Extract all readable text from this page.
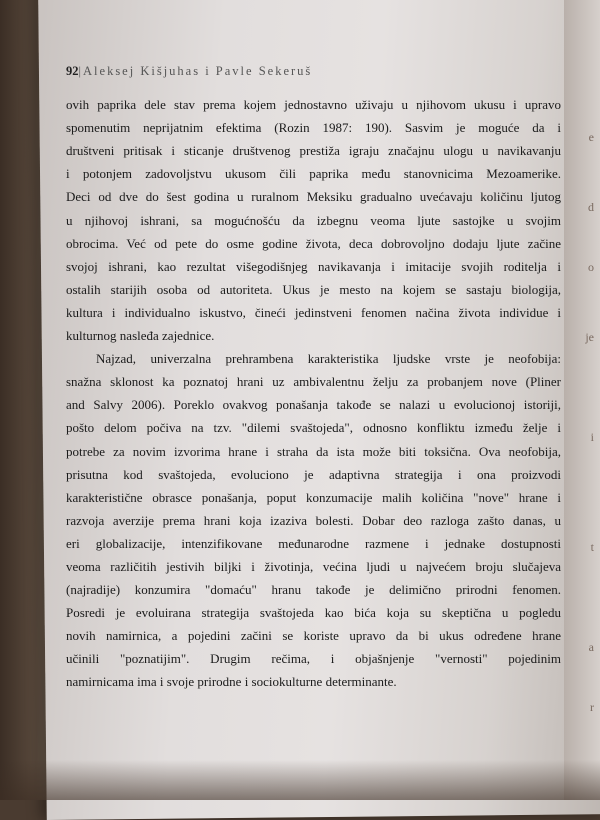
e
d
o
je
i
t
a
r
92|Aleksej Kišjuhas i Pavle Sekeruš
ovih paprika dele stav prema kojem jednostavno uživaju u njihovom ukusu i upravo
spomenutim neprijatnim efektima (Rozin 1987: 190). Sasvim je moguće da i
društveni pritisak i sticanje društvenog prestiža igraju značajnu ulogu u navikavanju
i potonjem zadovoljstvu ukusom čili paprika među stanovnicima Mezoamerike.
Deci od dve do šest godina u ruralnom Meksiku gradualno uvećavaju količinu ljutog
u njihovoj ishrani, sa mogućnošću da izbegnu veoma ljute sastojke u svojim
obrocima. Već od pete do osme godine života, deca dobrovoljno dodaju ljute začine
svojoj ishrani, kao rezultat višegodišnjeg navikavanja i imitacije svojih roditelja i
ostalih starijih osoba od autoriteta. Ukus je mesto na kojem se sastaju biologija,
kultura i individualno iskustvo, čineći jedinstveni fenomen načina života individue i
kulturnog nasleđa zajednice.
Najzad, univerzalna prehrambena karakteristika ljudske vrste je neofobija:
snažna sklonost ka poznatoj hrani uz ambivalentnu želju za probanjem nove (Pliner
and Salvy 2006). Poreklo ovakvog ponašanja takođe se nalazi u evolucionoj istoriji,
pošto delom počiva na tzv. "dilemi svaštojeda", odnosno konfliktu između želje i
potrebe za novim izvorima hrane i straha da ista može biti toksična. Ova neofobija,
prisutna kod svaštojeda, evoluciono je adaptivna strategija i ona proizvodi
karakteristične obrasce ponašanja, poput konzumacije malih količina "nove" hrane i
razvoja averzije prema hrani koja izaziva bolesti. Dobar deo razloga zašto danas, u
eri globalizacije, intenzifikovane međunarodne razmene i jednake dostupnosti
veoma različitih jestivih biljki i životinja, većina ljudi u najvećem broju slučajeva
(najradije) konzumira "domaću" hranu takođe je delimično prirodni fenomen.
Posredi je evoluirana strategija svaštojeda kao bića koja su skeptična u pogledu
novih namirnica, a pojedini začini se koriste upravo da bi ukus određene hrane
učinili "poznatijim". Drugim rečima, i objašnjenje "vernosti" pojedinim
namirnicama ima i svoje prirodne i sociokulturne determinante.
